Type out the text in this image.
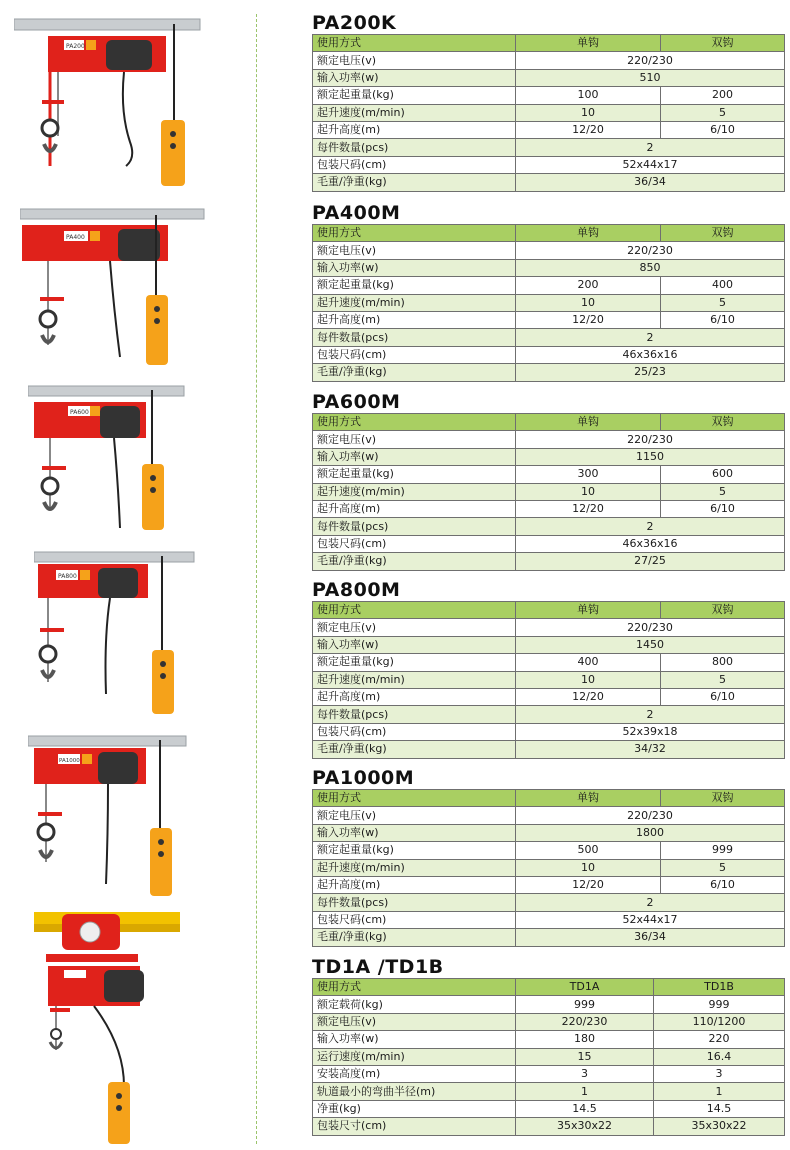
PA200
PA400
PA600
PA800
PA1000
PA200K
使用方式	单钩	双钩
额定电压(v)	220/230	
输入功率(w)	510	
额定起重量(kg)	100	200
起升速度(m/min)	10	5
起升高度(m)	12/20	6/10
每件数量(pcs)	2	
包装尺码(cm)	52x44x17	
毛重/净重(kg)	36/34	
PA400M
使用方式	单钩	双钩
额定电压(v)	220/230	
输入功率(w)	850	
额定起重量(kg)	200	400
起升速度(m/min)	10	5
起升高度(m)	12/20	6/10
每件数量(pcs)	2	
包装尺码(cm)	46x36x16	
毛重/净重(kg)	25/23	
PA600M
使用方式	单钩	双钩
额定电压(v)	220/230	
输入功率(w)	1150	
额定起重量(kg)	300	600
起升速度(m/min)	10	5
起升高度(m)	12/20	6/10
每件数量(pcs)	2	
包装尺码(cm)	46x36x16	
毛重/净重(kg)	27/25	
PA800M
使用方式	单钩	双钩
额定电压(v)	220/230	
输入功率(w)	1450	
额定起重量(kg)	400	800
起升速度(m/min)	10	5
起升高度(m)	12/20	6/10
每件数量(pcs)	2	
包装尺码(cm)	52x39x18	
毛重/净重(kg)	34/32	
PA1000M
使用方式	单钩	双钩
额定电压(v)	220/230	
输入功率(w)	1800	
额定起重量(kg)	500	999
起升速度(m/min)	10	5
起升高度(m)	12/20	6/10
每件数量(pcs)	2	
包装尺码(cm)	52x44x17	
毛重/净重(kg)	36/34	
TD1A /TD1B
使用方式	TD1A	TD1B
额定载荷(kg)	999	999
额定电压(v)	220/230	110/1200
输入功率(w)	180	220
运行速度(m/min)	15	16.4
安装高度(m)	3	3
轨道最小的弯曲半径(m)	1	1
净重(kg)	14.5	14.5
包装尺寸(cm)	35x30x22	35x30x22
